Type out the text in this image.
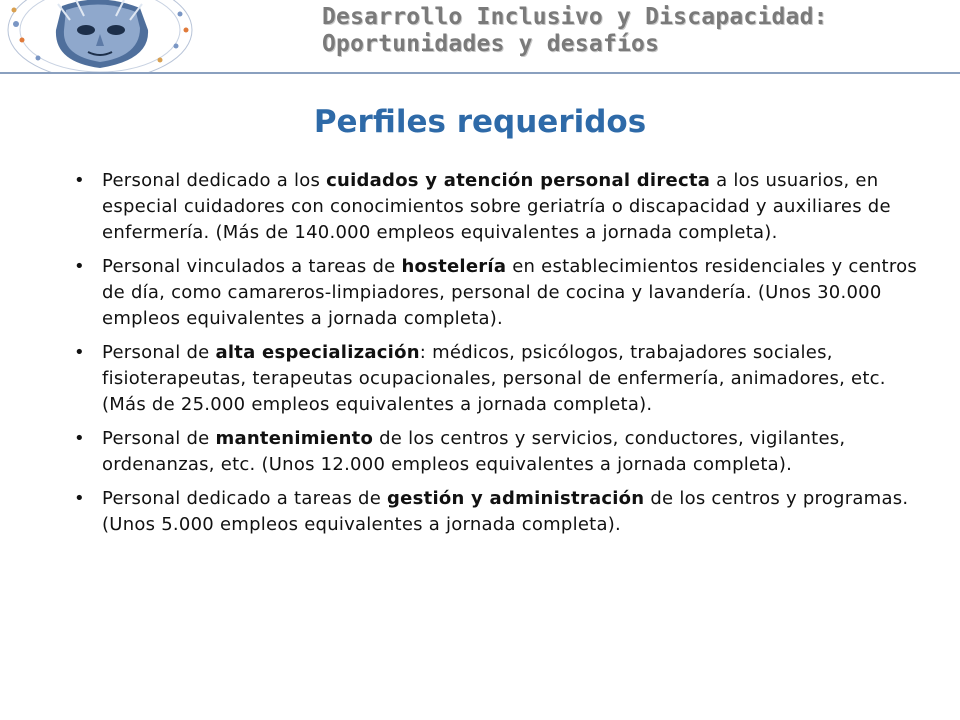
Desarrollo Inclusivo y Discapacidad:
Oportunidades y desafíos
Perfiles requeridos
• Personal dedicado a los cuidados y atención personal directa a los usuarios, en especial cuidadores con conocimientos sobre geriatría o discapacidad y auxiliares de enfermería. (Más de 140.000 empleos equivalentes a jornada completa).
• Personal vinculados a tareas de hostelería en establecimientos residenciales y centros de día, como camareros-limpiadores, personal de cocina y lavandería. (Unos 30.000 empleos equivalentes a jornada completa).
• Personal de alta especialización: médicos, psicólogos, trabajadores sociales, fisioterapeutas, terapeutas ocupacionales, personal de enfermería, animadores, etc. (Más de 25.000 empleos equivalentes a jornada completa).
• Personal de mantenimiento de los centros y servicios, conductores, vigilantes, ordenanzas, etc. (Unos 12.000 empleos equivalentes a jornada completa).
• Personal dedicado a tareas de gestión y administración de los centros y programas. (Unos 5.000 empleos equivalentes a jornada completa).
